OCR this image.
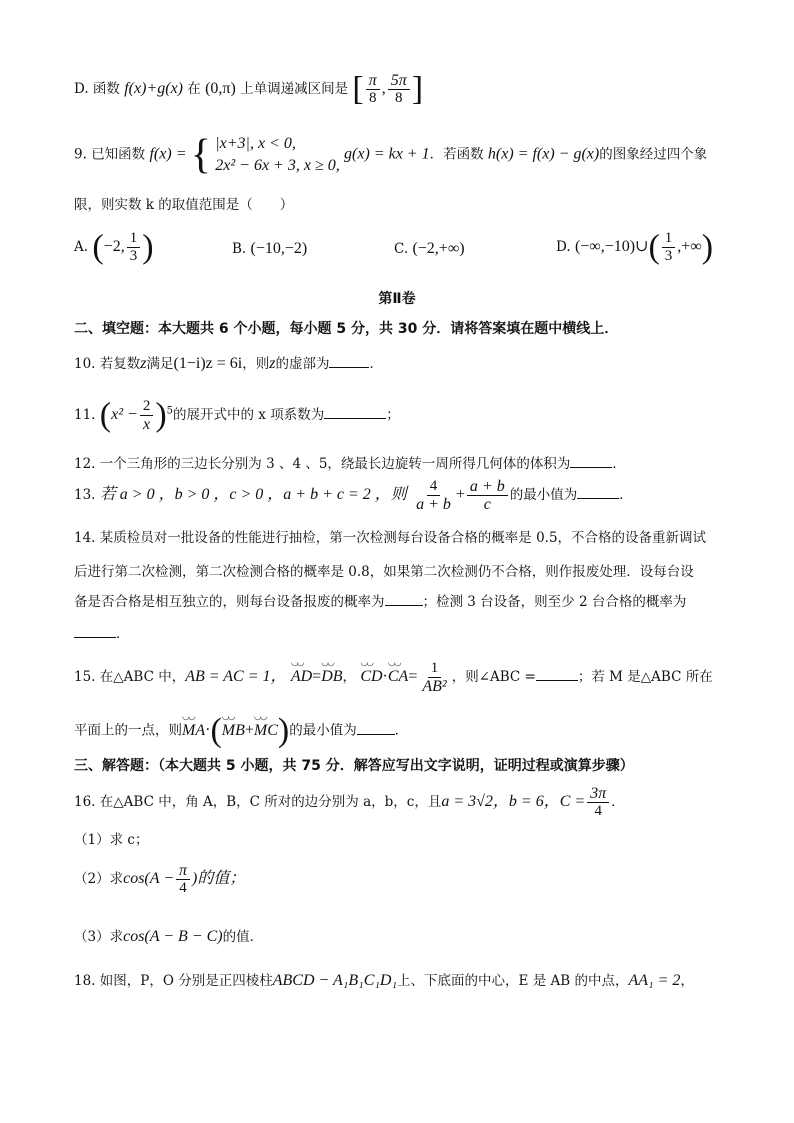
D. 函数 f(x)+g(x) 在 (0,π) 上单调递减区间是 [ $\frac{\pi}{8}$ , $\frac{5\pi}{8}$ ]
9. 已知函数 f(x) = { |x+3|, x < 0,
2x² − 6x + 3, x ≥ 0,
g(x) = kx + 1．若函数 h(x) = f(x) − g(x)的图象经过四个象
限，则实数 k 的取值范围是（　　）
A. (−2, $\frac{1}{3}$ )	B. (−10,−2)	C. (−2,+∞)	D. (−∞,−10)∪( $\frac{1}{3}$ ,+∞)
第Ⅱ卷
二、填空题：本大题共 6 个小题，每小题 5 分，共 30 分．请将答案填在题中横线上．
10. 若复数z满足(1−i)z = 6i，则z的虚部为	．
11. $(x^2 - \frac{2}{x} )^5$的展开式中的 x 项系数为	；
12. 一个三角形的三边长分别为 3 、4 、5，绕最长边旋转一周所得几何体的体积为	．
13. 若 a > 0 ，b > 0 ，c > 0 ，a + b + c = 2 ，则 $\frac{4}{a + b} + \frac{a + b}{c}$ 的最小值为	．
14. 某质检员对一批设备的性能进行抽检，第一次检测每台设备合格的概率是 0.5，不合格的设备重新调试
后进行第二次检测，第二次检测合格的概率是 0.8，如果第二次检测仍不合格，则作报废处理．设每台设
备是否合格是相互独立的，则每台设备报废的概率为	；检测 3 台设备，则至少 2 台合格的概率为
．
15. 在△ABC 中，AB = AC = 1， ◡◡ AD=◡◡ DB， ◡◡ CD·◡◡ $CA= \frac{1}{\text{AB²}}$ ，则∠ABC =	；若 M 是△ABC 所在
平面上的一点，则◡◡ MA·(◡◡ MB+◡◡ MC)的最小值为	．
三、解答题：（本大题共 5 小题，共 75 分．解答应写出文字说明，证明过程或演算步骤）
16. 在△ABC 中，角 A，B，C 所对的边分别为 a，b，c，且a = 3√2，b = 6，$C = \frac{3\pi}{4}$ ．
（1）求 c；
（2）求$\cos(A - \frac{\pi}{4}$ )的值；
（3）求cos(A − B − C)的值．
18. 如图，P，O 分别是正四棱柱ABCD − A₁B₁C₁D₁上、下底面的中心，E 是 AB 的中点，AA₁ = 2，
